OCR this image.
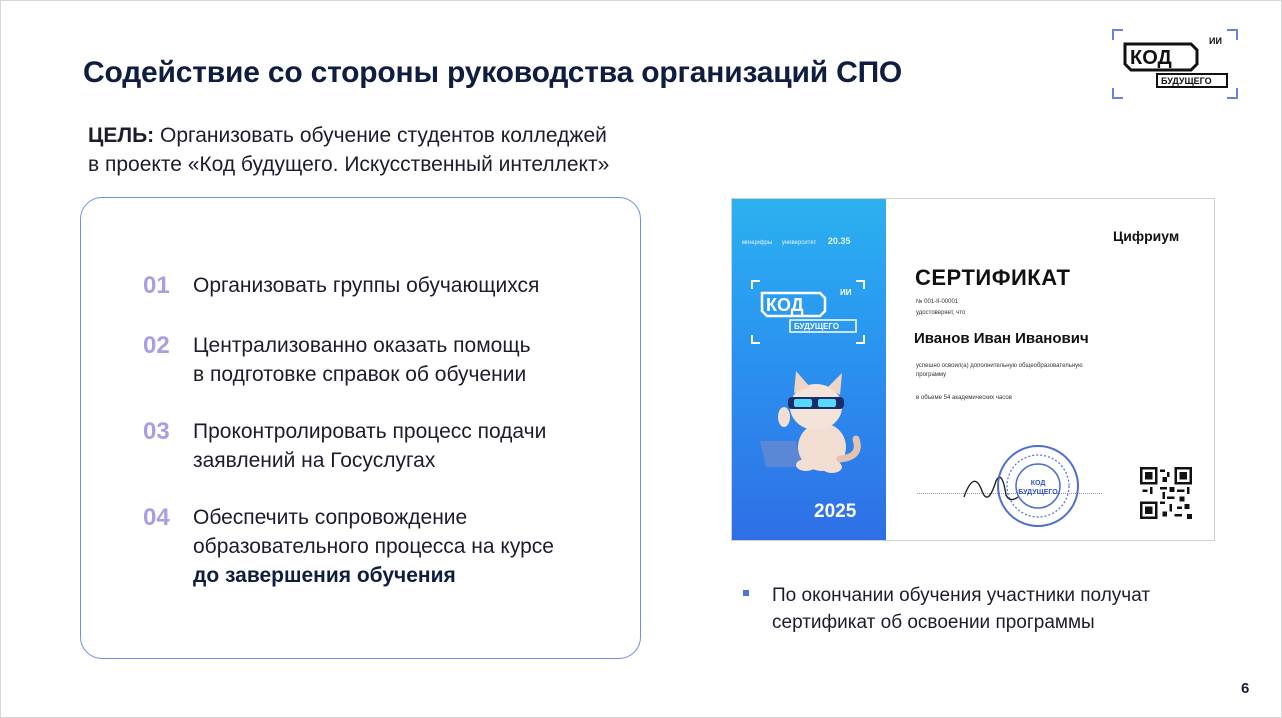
Содействие со стороны руководства организаций СПО
ИИ
КОД
БУДУЩЕГО
ЦЕЛЬ: Организовать обучение студентов колледжей
в проекте «Код будущего. Искусственный интеллект»
01	Организовать группы обучающихся
02	Централизованно оказать помощь
в подготовке справок об обучении
03	Проконтролировать процесс подачи
заявлений на Госуслугах
04	Обеспечить сопровождение
образовательного процесса на курсе
до завершения обучения
минцифры университет 20.35
ИИ
КОД
БУДУЩЕГО
2025
Цифриум
СЕРТИФИКАТ
№ 001-II-00001
удостоверяет, что
Иванов Иван Иванович
успешно освоил(а) дополнительную общеобразовательную программу
в объеме 54 академических часов
КОД
БУДУЩЕГО
По окончании обучения участники получат
сертификат об освоении программы
6
